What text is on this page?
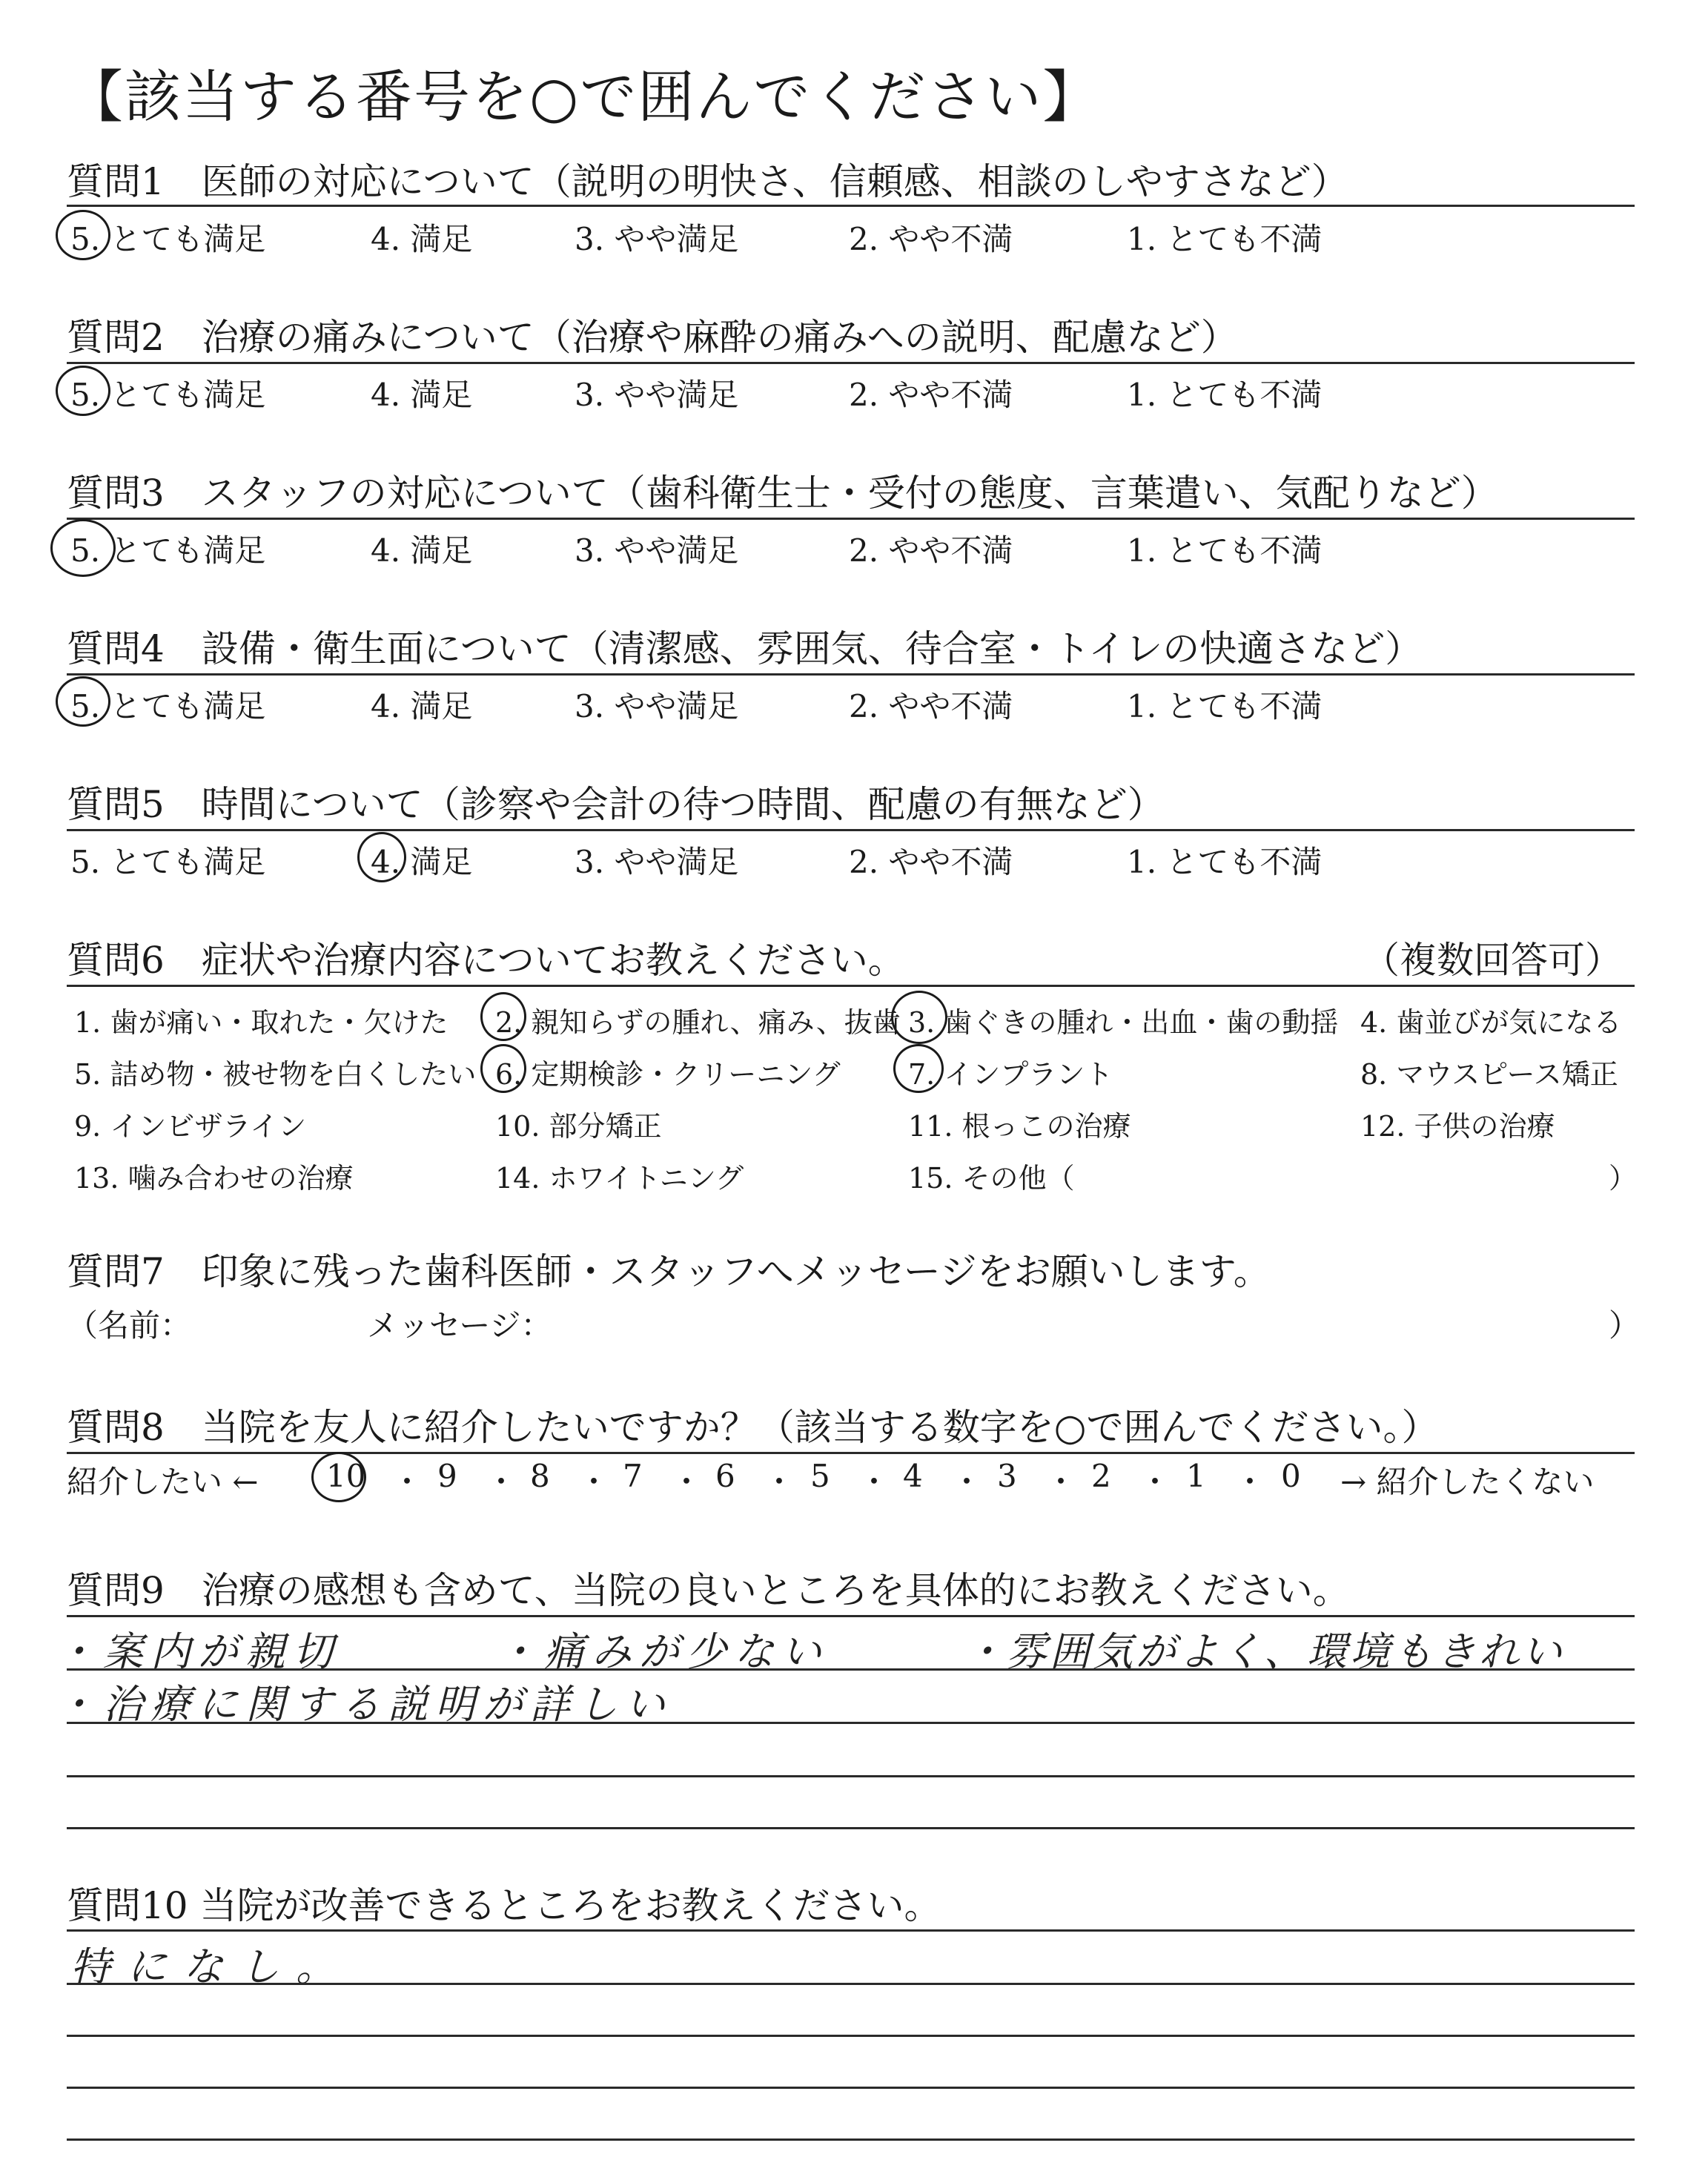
【該当する番号を○で囲んでください】
質問1　医師の対応について（説明の明快さ、信頼感、相談のしやすさなど）
5. とても満足	4. 満足	3. やや満足	2. やや不満	1. とても不満
質問2　治療の痛みについて（治療や麻酔の痛みへの説明、配慮など）
5. とても満足	4. 満足	3. やや満足	2. やや不満	1. とても不満
質問3　スタッフの対応について（歯科衛生士・受付の態度、言葉遣い、気配りなど）
5. とても満足	4. 満足	3. やや満足	2. やや不満	1. とても不満
質問4　設備・衛生面について（清潔感、雰囲気、待合室・トイレの快適さなど）
5. とても満足	4. 満足	3. やや満足	2. やや不満	1. とても不満
質問5　時間について（診察や会計の待つ時間、配慮の有無など）
5. とても満足	4. 満足	3. やや満足	2. やや不満	1. とても不満
質問6　症状や治療内容についてお教えください。	（複数回答可）
1. 歯が痛い・取れた・欠けた 2. 親知らずの腫れ、痛み、抜歯 3. 歯ぐきの腫れ・出血・歯の動揺 4. 歯並びが気になる
5. 詰め物・被せ物を白くしたい 6. 定期検診・クリーニング 7. インプラント	8. マウスピース矯正
9. インビザライン	10. 部分矯正	11. 根っこの治療	12. 子供の治療
13. 噛み合わせの治療	14. ホワイトニング	15. その他（	）
質問7　印象に残った歯科医師・スタッフへメッセージをお願いします。
（名前：	メッセージ：	）
質問8　当院を友人に紹介したいですか？（該当する数字を○で囲んでください。）
紹介したい ← 10 ・ 9 ・ 8 ・ 7 ・ 6 ・ 5 ・ 4 ・ 3 ・ 2 ・ 1 ・ 0 → 紹介したくない
質問9　治療の感想も含めて、当院の良いところを具体的にお教えください。
・案内が親切	・痛みが少ない	・雰囲気がよく、環境もきれい
・治療に関する説明が詳しい
質問10 当院が改善できるところをお教えください。
特になし。
